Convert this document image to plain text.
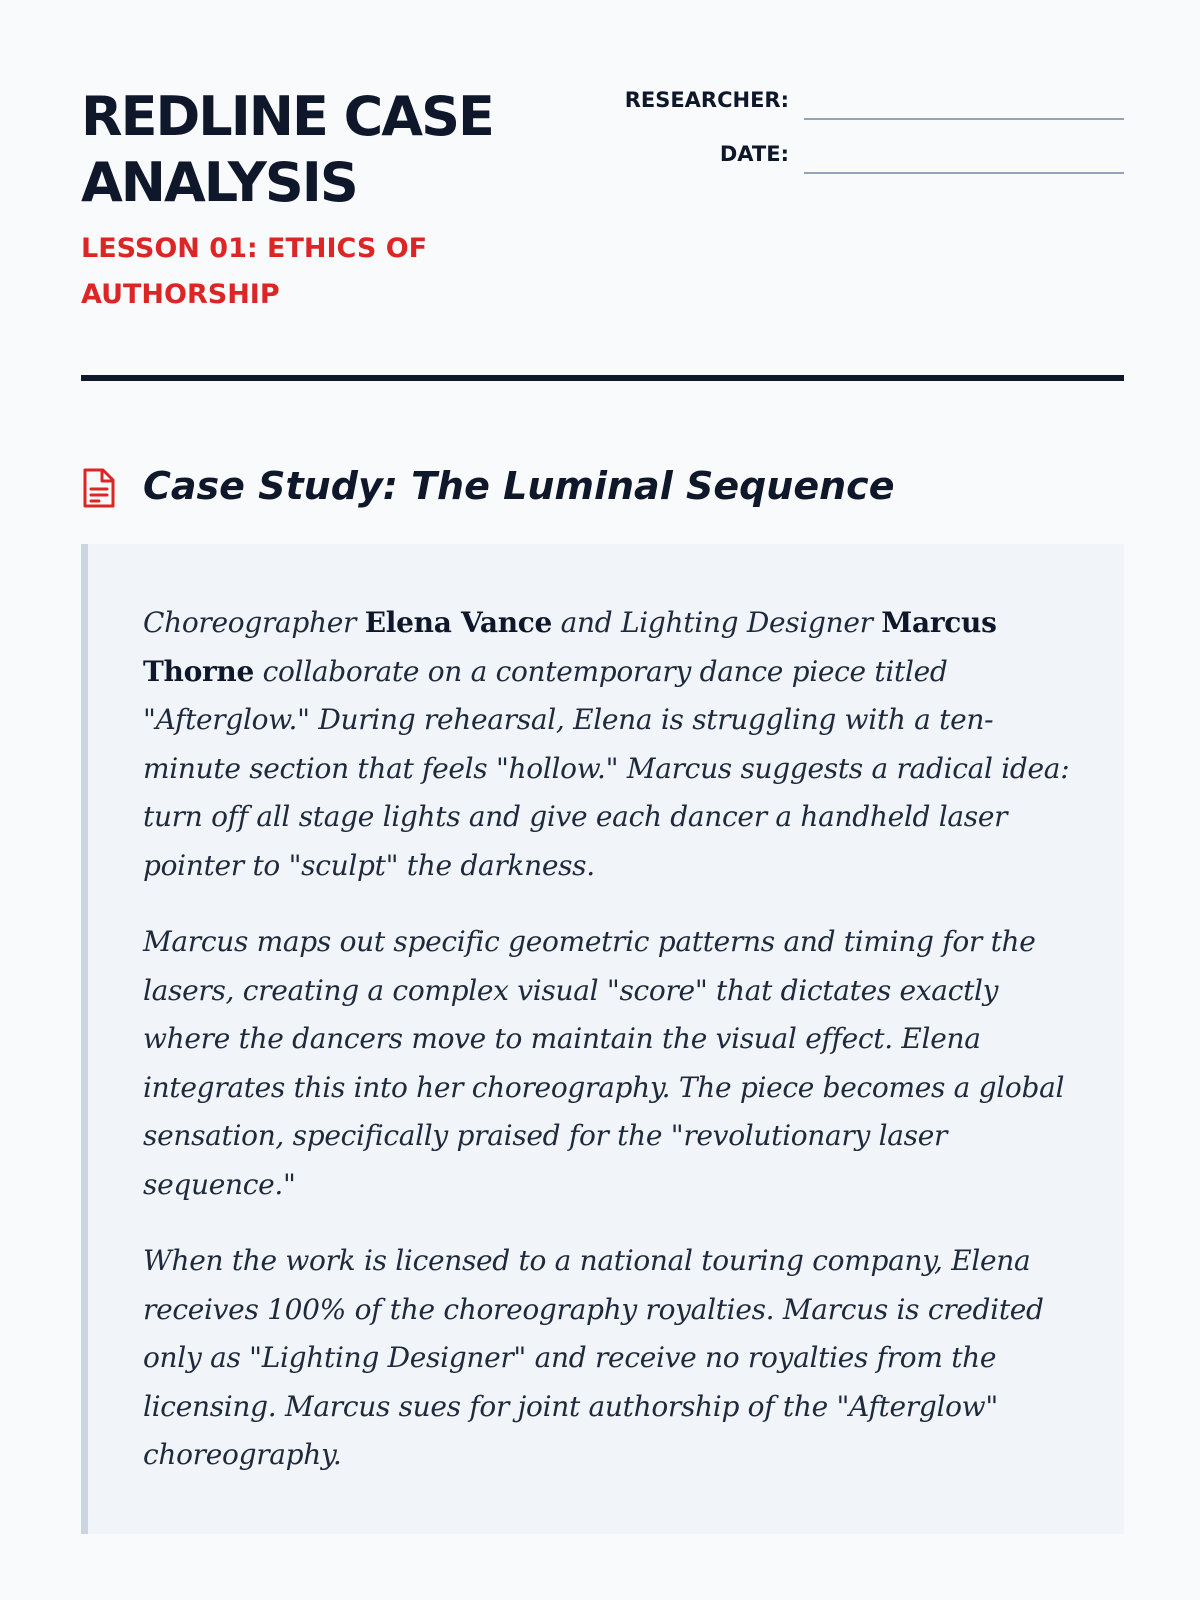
REDLINE CASE ANALYSIS
LESSON 01: ETHICS OF AUTHORSHIP
RESEARCHER:
DATE:
Case Study: The Luminal Sequence

Choreographer Elena Vance and Lighting Designer Marcus Thorne collaborate on a contemporary dance piece titled "Afterglow." During rehearsal, Elena is struggling with a ten-minute section that feels "hollow." Marcus suggests a radical idea: turn off all stage lights and give each dancer a handheld laser pointer to "sculpt" the darkness.

Marcus maps out specific geometric patterns and timing for the lasers, creating a complex visual "score" that dictates exactly where the dancers move to maintain the visual effect. Elena integrates this into her choreography. The piece becomes a global sensation, specifically praised for the "revolutionary laser sequence."

When the work is licensed to a national touring company, Elena receives 100% of the choreography royalties. Marcus is credited only as "Lighting Designer" and receive no royalties from the licensing. Marcus sues for joint authorship of the "Afterglow" choreography.
